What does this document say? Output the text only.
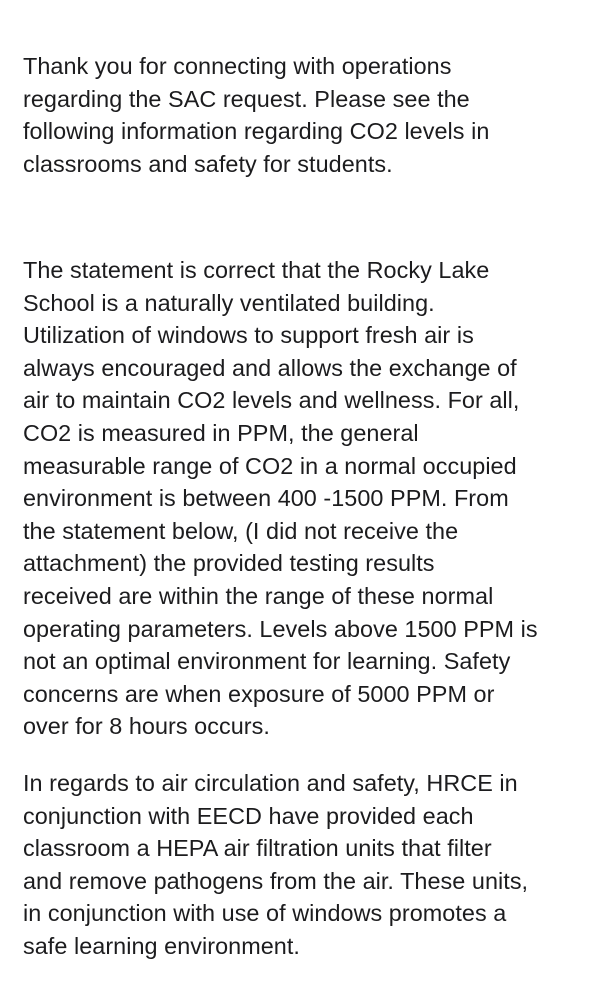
Thank you for connecting with operations
regarding the SAC request. Please see the
following information regarding CO2 levels in
classrooms and safety for students.

The statement is correct that the Rocky Lake
School is a naturally ventilated building.
Utilization of windows to support fresh air is
always encouraged and allows the exchange of
air to maintain CO2 levels and wellness. For all,
CO2 is measured in PPM, the general
measurable range of CO2 in a normal occupied
environment is between 400 -1500 PPM. From
the statement below, (I did not receive the
attachment) the provided testing results
received are within the range of these normal
operating parameters. Levels above 1500 PPM is
not an optimal environment for learning. Safety
concerns are when exposure of 5000 PPM or
over for 8 hours occurs.

In regards to air circulation and safety, HRCE in
conjunction with EECD have provided each
classroom a HEPA air filtration units that filter
and remove pathogens from the air. These units,
in conjunction with use of windows promotes a
safe learning environment.
